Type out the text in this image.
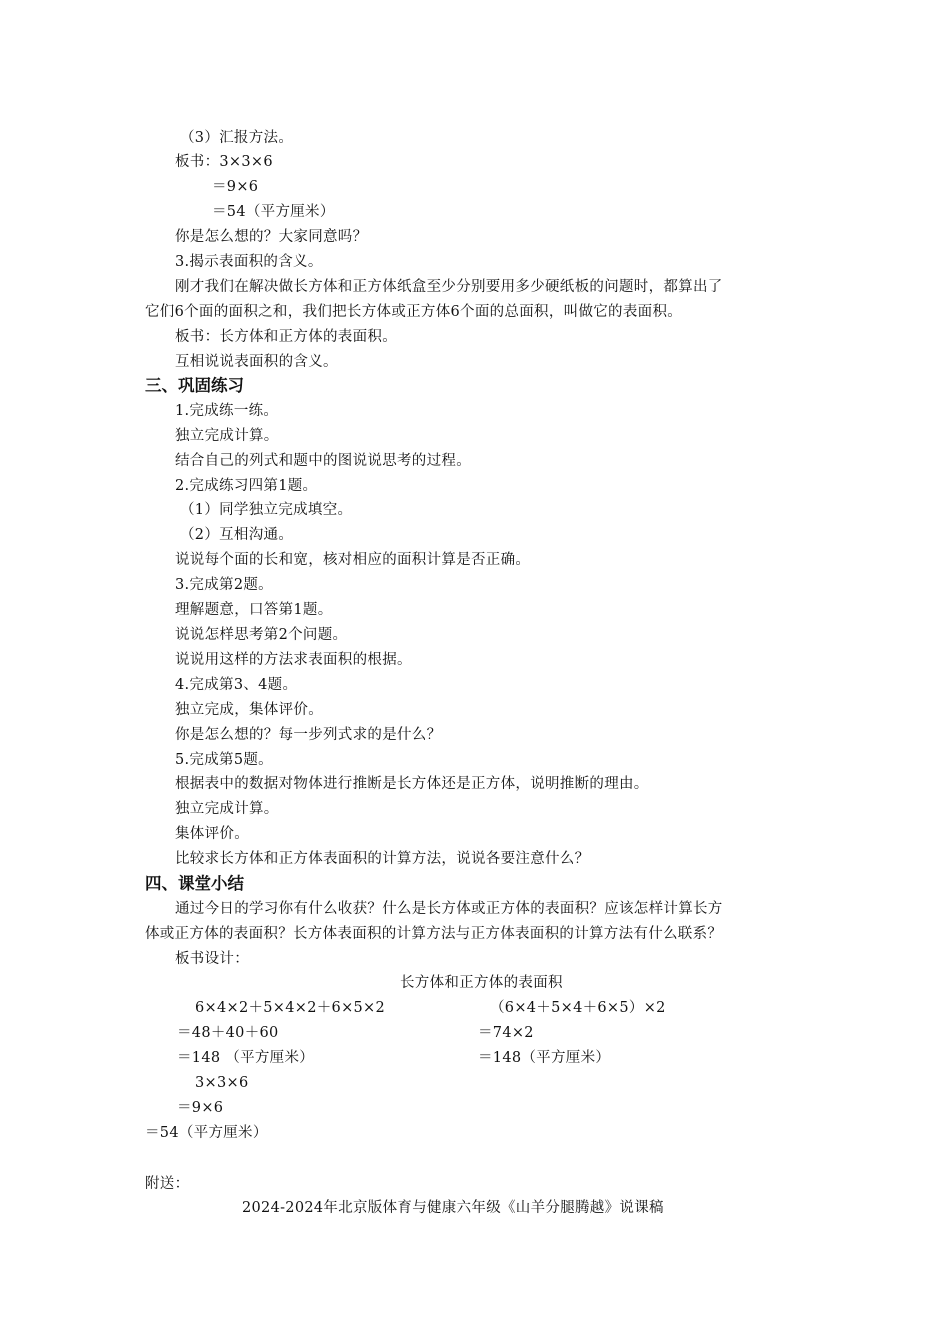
（3）汇报方法。
板书：3×3×6
＝9×6
＝54（平方厘米）
你是怎么想的？大家同意吗？
3.揭示表面积的含义。
刚才我们在解决做长方体和正方体纸盒至少分别要用多少硬纸板的问题时，都算出了
它们6个面的面积之和，我们把长方体或正方体6个面的总面积，叫做它的表面积。
板书：长方体和正方体的表面积。
互相说说表面积的含义。
三、巩固练习
1.完成练一练。
独立完成计算。
结合自己的列式和题中的图说说思考的过程。
2.完成练习四第1题。
（1）同学独立完成填空。
（2）互相沟通。
说说每个面的长和宽，核对相应的面积计算是否正确。
3.完成第2题。
理解题意，口答第1题。
说说怎样思考第2个问题。
说说用这样的方法求表面积的根据。
4.完成第3、4题。
独立完成，集体评价。
你是怎么想的？每一步列式求的是什么？
5.完成第5题。
根据表中的数据对物体进行推断是长方体还是正方体，说明推断的理由。
独立完成计算。
集体评价。
比较求长方体和正方体表面积的计算方法，说说各要注意什么？
四、课堂小结
通过今日的学习你有什么收获？什么是长方体或正方体的表面积？应该怎样计算长方
体或正方体的表面积？长方体表面积的计算方法与正方体表面积的计算方法有什么联系？
板书设计：
长方体和正方体的表面积
6×4×2＋5×4×2＋6×5×2	（6×4＋5×4＋6×5）×2
＝48＋40＋60	＝74×2
＝148 （平方厘米）	＝148（平方厘米）
3×3×6
＝9×6
＝54（平方厘米）
附送：
2024-2024年北京版体育与健康六年级《山羊分腿腾越》说课稿
